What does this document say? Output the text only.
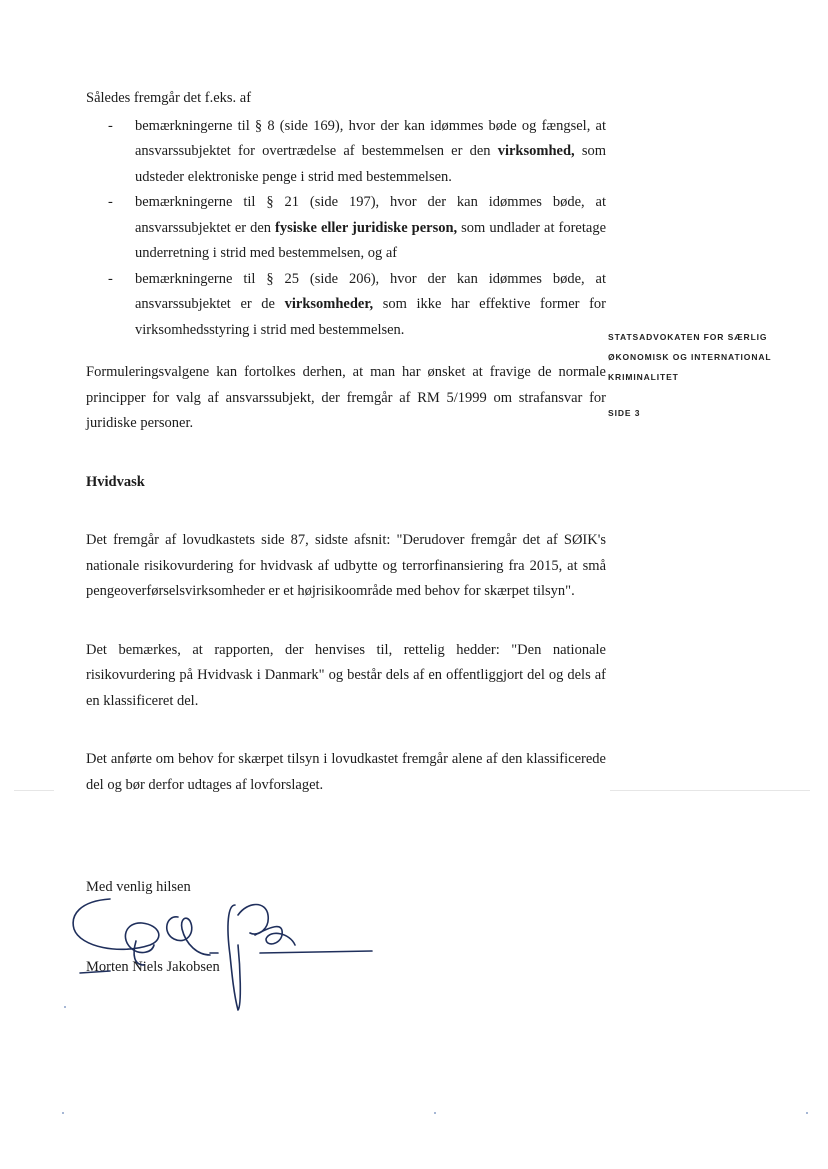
Således fremgår det f.eks. af

- bemærkningerne til § 8 (side 169), hvor der kan idømmes bøde og fængsel, at ansvarssubjektet for overtrædelse af bestemmelsen er den virksomhed, som udsteder elektroniske penge i strid med bestemmelsen.
- bemærkningerne til § 21 (side 197), hvor der kan idømmes bøde, at ansvarssubjektet er den fysiske eller juridiske person, som undlader at foretage underretning i strid med bestemmelsen, og af
- bemærkningerne til § 25 (side 206), hvor der kan idømmes bøde, at ansvarssubjektet er de virksomheder, som ikke har effektive former for virksomhedsstyring i strid med bestemmelsen.

Formuleringsvalgene kan fortolkes derhen, at man har ønsket at fravige de normale principper for valg af ansvarssubjekt, der fremgår af RM 5/1999 om strafansvar for juridiske personer.

Hvidvask

Det fremgår af lovudkastets side 87, sidste afsnit: "Derudover fremgår det af SØIK's nationale risikovurdering for hvidvask af udbytte og terrorfinansiering fra 2015, at små pengeoverførselsvirksomheder er et højrisikoområde med behov for skærpet tilsyn".

Det bemærkes, at rapporten, der henvises til, rettelig hedder: "Den nationale risikovurdering på Hvidvask i Danmark" og består dels af en offentliggjort del og dels af en klassificeret del.

Det anførte om behov for skærpet tilsyn i lovudkastet fremgår alene af den klassificerede del og bør derfor udtages af lovforslaget.

STATSADVOKATEN FOR SÆRLIG
ØKONOMISK OG INTERNATIONAL
KRIMINALITET
SIDE 3
Med venlig hilsen
Morten Niels Jakobsen
